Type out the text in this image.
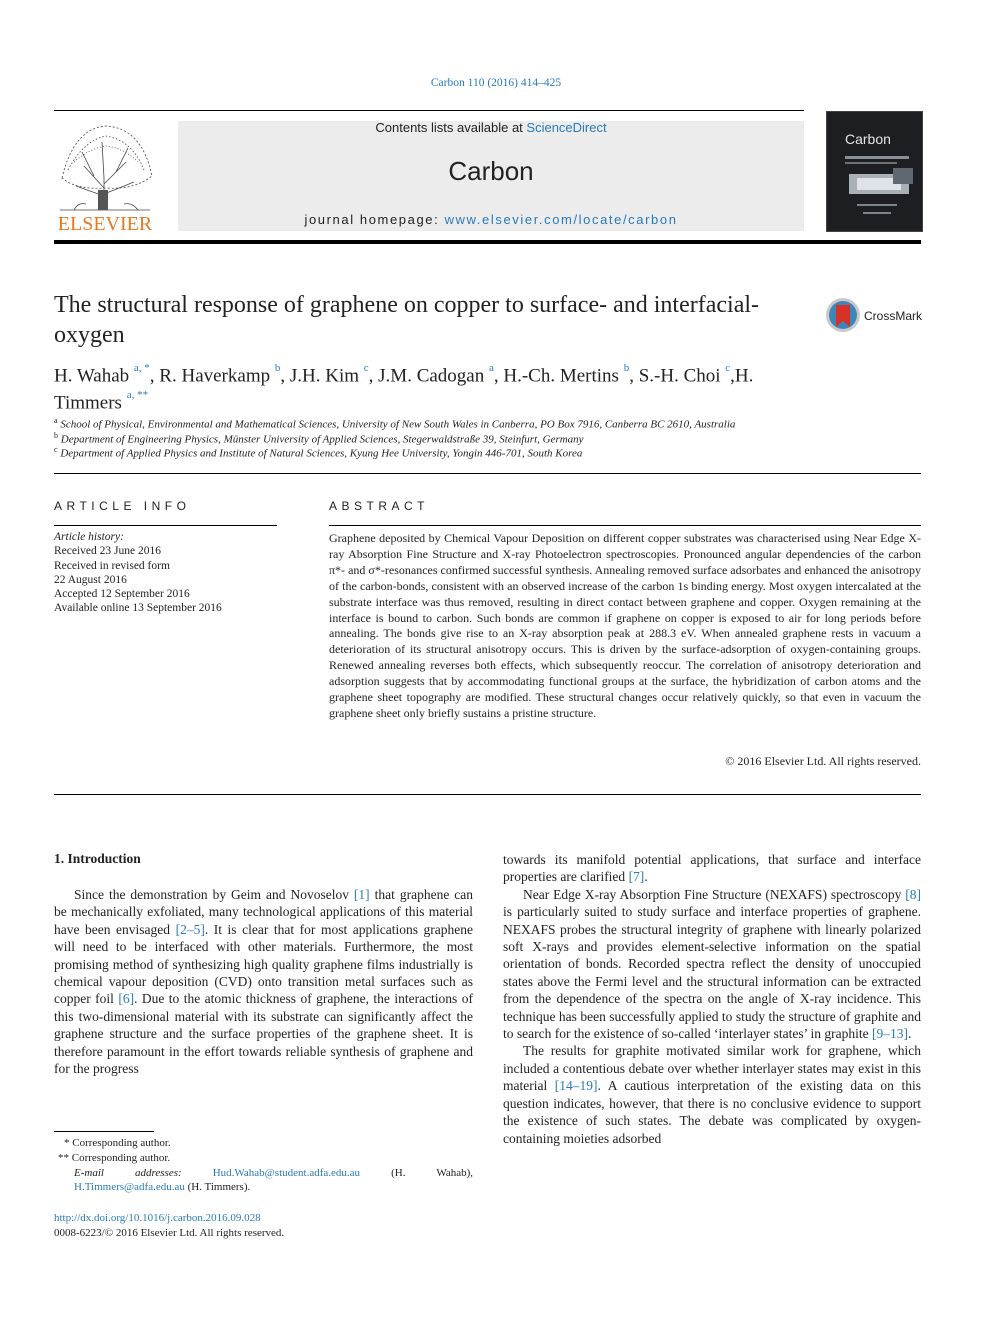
Carbon 110 (2016) 414–425
ELSEVIER
Contents lists available at ScienceDirect
Carbon
journal homepage: www.elsevier.com/locate/carbon
Carbon
The structural response of graphene on copper to surface- and interfacial-oxygen
CrossMark
H. Wahab $^{a, *}$, R. Haverkamp $^b$, J.H. Kim $^c$, J.M. Cadogan $^a$, H.-Ch. Mertins $^b$, S.-H. Choi $^c$,H. Timmers $^{a, **}$
$^a$ School of Physical, Environmental and Mathematical Sciences, University of New South Wales in Canberra, PO Box 7916, Canberra BC 2610, Australia
$^b$ Department of Engineering Physics, Münster University of Applied Sciences, Stegerwaldstraße 39, Steinfurt, Germany
$^c$ Department of Applied Physics and Institute of Natural Sciences, Kyung Hee University, Yongin 446-701, South Korea
ARTICLE INFO
Article history:
Received 23 June 2016
Received in revised form
22 August 2016
Accepted 12 September 2016
Available online 13 September 2016
ABSTRACT
Graphene deposited by Chemical Vapour Deposition on different copper substrates was characterised using Near Edge X-ray Absorption Fine Structure and X-ray Photoelectron spectroscopies. Pronounced angular dependencies of the carbon π*- and σ*-resonances confirmed successful synthesis. Annealing removed surface adsorbates and enhanced the anisotropy of the carbon-bonds, consistent with an observed increase of the carbon 1s binding energy. Most oxygen intercalated at the substrate interface was thus removed, resulting in direct contact between graphene and copper. Oxygen remaining at the interface is bound to carbon. Such bonds are common if graphene on copper is exposed to air for long periods before annealing. The bonds give rise to an X-ray absorption peak at 288.3 eV. When annealed graphene rests in vacuum a deterioration of its structural anisotropy occurs. This is driven by the surface-adsorption of oxygen-containing groups. Renewed annealing reverses both effects, which subsequently reoccur. The correlation of anisotropy deterioration and adsorption suggests that by accommodating functional groups at the surface, the hybridization of carbon atoms and the graphene sheet topography are modified. These structural changes occur relatively quickly, so that even in vacuum the graphene sheet only briefly sustains a pristine structure.
© 2016 Elsevier Ltd. All rights reserved.
1. Introduction

Since the demonstration by Geim and Novoselov [1] that graphene can be mechanically exfoliated, many technological applications of this material have been envisaged [2–5]. It is clear that for most applications graphene will need to be interfaced with other materials. Furthermore, the most promising method of synthesizing high quality graphene films industrially is chemical vapour deposition (CVD) onto transition metal surfaces such as copper foil [6]. Due to the atomic thickness of graphene, the interactions of this two-dimensional material with its substrate can significantly affect the graphene structure and the surface properties of the graphene sheet. It is therefore paramount in the effort towards reliable synthesis of graphene and for the progress

towards its manifold potential applications, that surface and interface properties are clarified [7].

Near Edge X-ray Absorption Fine Structure (NEXAFS) spectroscopy [8] is particularly suited to study surface and interface properties of graphene. NEXAFS probes the structural integrity of graphene with linearly polarized soft X-rays and provides element-selective information on the spatial orientation of bonds. Recorded spectra reflect the density of unoccupied states above the Fermi level and the structural information can be extracted from the dependence of the spectra on the angle of X-ray incidence. This technique has been successfully applied to study the structure of graphite and to search for the existence of so-called ‘interlayer states’ in graphite [9–13].

The results for graphite motivated similar work for graphene, which included a contentious debate over whether interlayer states may exist in this material [14–19]. A cautious interpretation of the existing data on this question indicates, however, that there is no conclusive evidence to support the existence of such states. The debate was complicated by oxygen-containing moieties adsorbed

* Corresponding author.
** Corresponding author.
E-mail addresses: Hud.Wahab@student.adfa.edu.au (H. Wahab), H.Timmers@adfa.edu.au (H. Timmers).
http://dx.doi.org/10.1016/j.carbon.2016.09.028
0008-6223/© 2016 Elsevier Ltd. All rights reserved.
